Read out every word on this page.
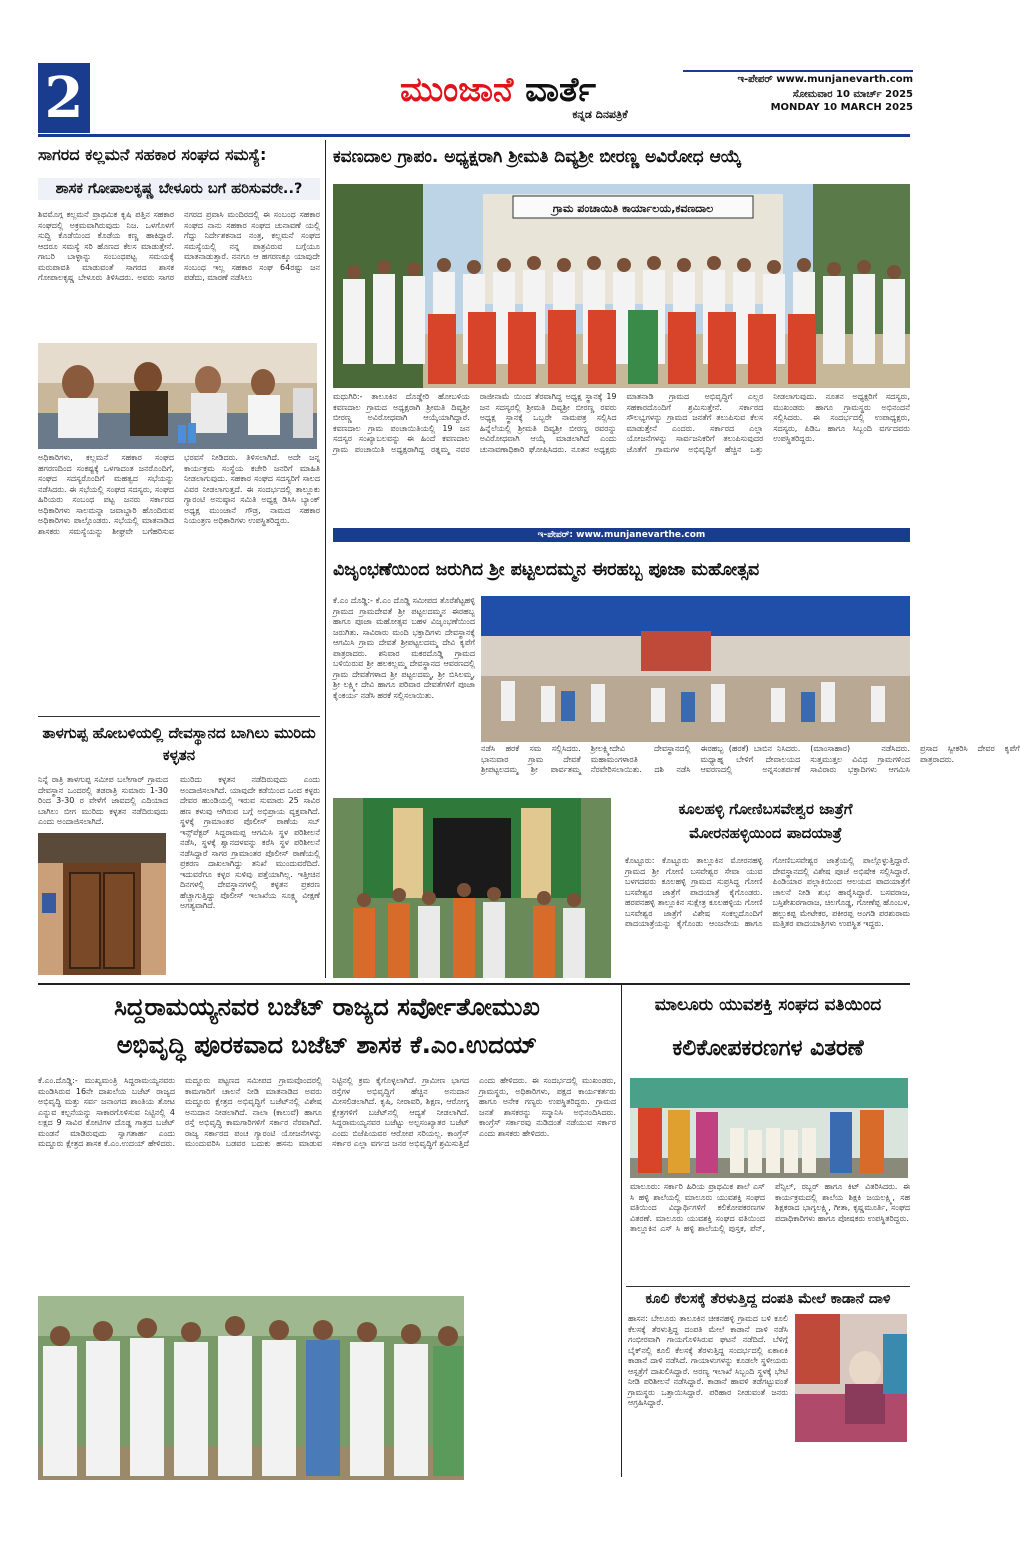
2	ಮುಂಜಾನೆ ವಾರ್ತೆ
ಕನ್ನಡ ದಿನಪತ್ರಿಕೆ
ಇ-ಪೇಪರ್ www.munjanevarth.com
ಸೋಮವಾರ 10 ಮಾರ್ಚ್ 2025
MONDAY 10 MARCH 2025
ಸಾಗರದ ಕಲ್ಲಮನೆ ಸಹಕಾರ ಸಂಘದ ಸಮಸ್ಯೆ:
ಶಾಸಕ ಗೋಪಾಲಕೃಷ್ಣ ಬೇಳೂರು ಬಗೆ ಹರಿಸುವರೇ..?
ಶಿವಮೊಗ್ಗ ಕಲ್ಲಮನೆ ಪ್ರಾಥಮಿಕ ಕೃಷಿ ಪತ್ತಿನ ಸಹಕಾರ ಸಂಘದಲ್ಲಿ ಅಕ್ರಮವಾಗಿರುವುದು ನಿಜ. ಒಳಗೊಳಗೆ ಸುದ್ದಿ ಕೊಡೆಯಿಂದ ಕೊಡೆಯ ಕಣ್ಣ ಹಾಕಿದ್ದಾರೆ. ಆದರೂ ಸಮಸ್ಯೆ ಸರಿ ಹೊಣದ ಕೆಲಸ ಮಾಡುತ್ತೇನೆ. ಗಾಬರಿ ಬಾಳ್ಳಾನ್ನು ಸಂಬಂಧಪಟ್ಟ ಸಮಯಕ್ಕೆ ಮರುಪಾವತಿ ಮಾಡುವಂತೆ ಸಾಗರದ ಶಾಸಕ ಗೋಪಾಲಕೃಷ್ಣ ಬೇಳೂರು ತಿಳಿಸಿದರು. ಅವರು ಸಾಗರ ನಗರದ ಪ್ರವಾಸಿ ಮಂದಿರದಲ್ಲಿ ಈ ಸಂಬಂಧ ಸಹಕಾರ ಸಂಘದ ನಾನು ಸಹಕಾರ ಸಂಘದ ಚುನಾವಣೆ ಯಲ್ಲಿ ಗೆದ್ದು ನಿರ್ದೇಶಕನಾದ ನಂತ್ರ, ಕಲ್ಲಮನೆ ಸಂಘದ ಸಮಸ್ಯೆಯಲ್ಲಿ ನನ್ನ ಪಾತ್ರವಿರುವ ಬಗ್ಗೆಯೂ ಮಾತನಾಡುತ್ತಾರೆ. ನನಗೂ ಆ ಹಗರಣಕ್ಕೂ ಯಾವುದೇ ಸಂಬಂಧ ಇಲ್ಲ ಸಹಕಾರ ಸಂಘ 64ರಷ್ಟು ಜನ ಪಡೆದು, ಮಾರಣೆ ನಡೆಸಿಲು
ಅಧಿಕಾರಿಗಳು, ಕಲ್ಲಮನೆ ಸಹಕಾರ ಸಂಘದ ಹಗರಣದಿಂದ ಸಂಕಷ್ಟಕ್ಕೆ ಒಳಗಾದಂತ ಜನರೊಂದಿಗೆ, ಸಂಘದ ಸದಸ್ಯರೊಂದಿಗೆ ಮಹತ್ವದ ಸಭೆಯನ್ನು ನಡೆಸಿದರು. ಈ ಸಭೆಯಲ್ಲಿ ಸಂಘದ ಸದಸ್ಯರು, ಸಂಘದ ಹಿರಿಯರು ಸಂಬಂಧ ಪಟ್ಟ ಜನರು ಸರ್ಕಾರದ ಅಧಿಕಾರಿಗಳು ಸಾಲಮನ್ನಾ ಜವಾಬ್ದಾರಿ ಹೊಂದಿರುವ ಅಧಿಕಾರಿಗಳು ಪಾಲ್ಗೊಂಡರು. ಸಭೆಯಲ್ಲಿ ಮಾತನಾಡಿದ ಶಾಸಕರು ಸಮಸ್ಯೆಯನ್ನು ಶೀಘ್ರವೇ ಬಗೆಹರಿಸುವ ಭರವಸೆ ನೀಡಿದರು. ತಿಳಿಸಲಾಗಿದೆ. ಅದೇ ಜನ್ನ ಕಾರ್ಯಕ್ರಮ ಸಂಸ್ಥೆಯ ಕಚೇರಿ ಜನರಿಗೆ ಮಾಹಿತಿ ನೀಡಲಾಗುವುದು. ಸಹಕಾರ ಸಂಘದ ಸದಸ್ಯರಿಗೆ ಸಾಲದ ವಿವರ ನೀಡಲಾಗುತ್ತದೆ. ಈ ಸಂದರ್ಭದಲ್ಲಿ ತಾಲ್ಲೂಕು ಗ್ಯಾರಂಟಿ ಅನುಷ್ಠಾನ ಸಮಿತಿ ಅಧ್ಯಕ್ಷ ಡಿಸಿಸಿ ಬ್ಯಾಂಕ್ ಅಧ್ಯಕ್ಷ ಮುಂಜಾನೆ ಗೌಡ್ರ, ನಾಮದ ಸಹಕಾರ ನಿಯಂತ್ರಣ ಅಧಿಕಾರಿಗಳು ಉಪಸ್ಥಿತರಿದ್ದರು.
ತಾಳಗುಪ್ಪ ಹೋಬಳಿಯಲ್ಲಿ ದೇವಸ್ಥಾನದ ಬಾಗಿಲು ಮುರಿದು ಕಳ್ಳತನ
ನಿನ್ನೆ ರಾತ್ರಿ ತಾಳಗುಪ್ಪ ಸಮೀಪ ಬಲೇಗಾರ್ ಗ್ರಾಮದ ದೇವಸ್ಥಾನ ಒಂದರಲ್ಲಿ ತಡರಾತ್ರಿ ಸುಮಾರು 1-30 ರಿಂದ 3-30 ರ ವೇಳೆಗೆ ಜಾವದಲ್ಲಿ ಎದಿಯಾದ ಬಾಗಿಲು ಬೀಗ ಮುರಿದು ಕಳ್ಳತನ ನಡೆದಿರುವುದು ಎಂದು ಅಂದಾಜಿಸಲಾಗಿದೆ.
ಮುರಿದು ಕಳ್ಳತನ ನಡೆದಿರುವುದು ಎಂದು ಅಂದಾಜಿಸಲಾಗಿದೆ. ಯಾವುದೇ ಕಡೆಯಿಂದ ಒಂದ ಕಳ್ಳರು ದೇವರ ಹುಂಡಿಯಲ್ಲಿ ಇರುವ ಸುಮಾರು 25 ಸಾವಿರ ಹಣ ಕಳುವು ಆಗಿರುವ ಬಗ್ಗೆ ಅಭಿಪ್ರಾಯ ವ್ಯಕ್ತವಾಗಿದೆ. ಸ್ಥಳಕ್ಕೆ ಗ್ರಾಮಾಂತರ ಪೊಲೀಸ್ ಠಾಣೆಯ ಸಬ್ ಇನ್ಸ್‌ಪೆಕ್ಟರ್ ಸಿದ್ದರಾಮಪ್ಪ ಆಗಮಿಸಿ ಸ್ಥಳ ಪರಿಶೀಲನೆ ನಡೆಸಿ, ಸ್ಥಳಕ್ಕೆ ಶ್ವಾನದಳವನ್ನು ಕರೆಸಿ ಸ್ಥಳ ಪರಿಶೀಲನೆ ನಡೆಸಿದ್ದಾರೆ ಸಾಗರ ಗ್ರಾಮಾಂತರ ಪೊಲೀಸ್ ಠಾಣೆಯಲ್ಲಿ ಪ್ರಕರಣ ದಾಖಲಾಗಿದ್ದು ತನಿಖೆ ಮುಂದುವರೆದಿದೆ. ಇದುವರೆಗೂ ಕಳ್ಳರ ಸುಳಿವು ಪತ್ತೆಯಾಗಿಲ್ಲ. ಇತ್ತೀಚಿನ ದಿನಗಳಲ್ಲಿ ದೇವಸ್ಥಾನಗಳಲ್ಲಿ ಕಳ್ಳತನ ಪ್ರಕರಣ ಹೆಚ್ಚಾಗುತ್ತಿದ್ದು ಪೊಲೀಸ್ ಇಲಾಖೆಯ ಸೂಕ್ಷ್ಮ ವೀಕ್ಷಣೆ ಅಗತ್ಯವಾಗಿದೆ.
ಕವಣದಾಲ ಗ್ರಾಪಂ. ಅಧ್ಯಕ್ಷರಾಗಿ ಶ್ರೀಮತಿ ದಿವ್ಯಶ್ರೀ ಬೀರಣ್ಣ ಅವಿರೋಧ ಆಯ್ಕೆ
ಗ್ರಾಮ ಪಂಚಾಯಿತಿ ಕಾರ್ಯಾಲಯ,ಕವಣದಾಲ
ಮಧುಗಿರಿ:- ತಾಲೂಕಿನ ದೊಡ್ಡೇರಿ ಹೋಬಳಿಯ ಕವಣದಾಲ ಗ್ರಾಮದ ಅಧ್ಯಕ್ಷರಾಗಿ ಶ್ರೀಮತಿ ದಿವ್ಯಶ್ರೀ ಬೀರಣ್ಣ ಅವಿರೋಧವಾಗಿ ಆಯ್ಕೆಯಾಗಿದ್ದಾರೆ. ಕವಣದಾಲ ಗ್ರಾಮ ಪಂಚಾಯಿತಿಯಲ್ಲಿ 19 ಜನ ಸದಸ್ಯರ ಸಂಖ್ಯಾಬಲವನ್ನು ಈ ಹಿಂದೆ ಕವಣದಾಲ ಗ್ರಾಮ ಪಂಚಾಯಿತಿ ಅಧ್ಯಕ್ಷರಾಗಿದ್ದ ರತ್ನಮ್ಮ ನವರ ರಾಜೀನಾಮೆ ಯಿಂದ ತೆರವಾಗಿದ್ದ ಅಧ್ಯಕ್ಷ ಸ್ಥಾನಕ್ಕೆ 19 ಜನ ಸದಸ್ಯರಲ್ಲಿ ಶ್ರೀಮತಿ ದಿವ್ಯಶ್ರೀ ಬೀರಣ್ಣ ರವರು ಅಧ್ಯಕ್ಷ ಸ್ಥಾನಕ್ಕೆ ಒಬ್ಬರೇ ನಾಮಪತ್ರ ಸಲ್ಲಿಸಿದ ಹಿನ್ನೆಲೆಯಲ್ಲಿ ಶ್ರೀಮತಿ ದಿವ್ಯಶ್ರೀ ಬೀರಣ್ಣ ರವರನ್ನು ಅವಿರೋಧವಾಗಿ ಆಯ್ಕೆ ಮಾಡಲಾಗಿದೆ ಎಂದು ಚುನಾವಣಾಧಿಕಾರಿ ಘೋಷಿಸಿದರು. ನೂತನ ಅಧ್ಯಕ್ಷರು ಮಾತನಾಡಿ ಗ್ರಾಮದ ಅಭಿವೃದ್ಧಿಗೆ ಎಲ್ಲರ ಸಹಕಾರದೊಂದಿಗೆ ಶ್ರಮಿಸುತ್ತೇನೆ. ಸರ್ಕಾರದ ಸೌಲಭ್ಯಗಳನ್ನು ಗ್ರಾಮದ ಜನತೆಗೆ ತಲುಪಿಸುವ ಕೆಲಸ ಮಾಡುತ್ತೇನೆ ಎಂದರು. ಸರ್ಕಾರದ ಎಲ್ಲಾ ಯೋಜನೆಗಳನ್ನು ಸಾರ್ವಜನಿಕರಿಗೆ ತಲುಪಿಸುವುದರ ಜೊತೆಗೆ ಗ್ರಾಮಗಳ ಅಭಿವೃದ್ಧಿಗೆ ಹೆಚ್ಚಿನ ಒತ್ತು ನೀಡಲಾಗುವುದು. ನೂತನ ಅಧ್ಯಕ್ಷರಿಗೆ ಸದಸ್ಯರು, ಮುಖಂಡರು ಹಾಗೂ ಗ್ರಾಮಸ್ಥರು ಅಭಿನಂದನೆ ಸಲ್ಲಿಸಿದರು. ಈ ಸಂದರ್ಭದಲ್ಲಿ ಉಪಾಧ್ಯಕ್ಷರು, ಸದಸ್ಯರು, ಪಿಡಿಒ ಹಾಗೂ ಸಿಬ್ಬಂದಿ ವರ್ಗದವರು ಉಪಸ್ಥಿತರಿದ್ದರು.
ಇ-ಪೇಪರ್: www.munjanevarthe.com
ವಿಜೃಂಭಣೆಯಿಂದ ಜರುಗಿದ ಶ್ರೀ ಪಟ್ಟಲದಮ್ಮನ ಈರಹಬ್ಬ ಪೂಜಾ ಮಹೋತ್ಸವ
ಕೆ.ಎಂ ದೊಡ್ಡಿ:- ಕೆ.ಎಂ ದೊಡ್ಡಿ ಸಮೀಪದ ತೊರೆಶೆಟ್ಟಹಳ್ಳಿ ಗ್ರಾಮದ ಗ್ರಾಮದೇವತೆ ಶ್ರೀ ಪಟ್ಟಲದಮ್ಮನ ಈರಹಬ್ಬ ಹಾಗೂ ಪೂಜಾ ಮಹೋತ್ಸವ ಬಹಳ ವಿಜೃಂಭಣೆಯಿಂದ ಜರುಗಿತು. ಸಾವಿರಾರು ಮಂದಿ ಭಕ್ತಾದಿಗಳು ದೇವಸ್ಥಾನಕ್ಕೆ ಆಗಮಿಸಿ ಗ್ರಾಮ ದೇವತೆ ಶ್ರೀಪಟ್ಟಲದಮ್ಮ ದೇವಿ ಕೃಪೆಗೆ ಪಾತ್ರರಾದರು. ಶನಿವಾರ ಮಕರದೊಡ್ಡಿ ಗ್ರಾಮದ ಬಳಿಯಿರುವ ಶ್ರೀ ಹಲಕಲ್ಲಮ್ಮ ದೇವಸ್ಥಾನದ ಆವರಣದಲ್ಲಿ ಗ್ರಾಮ ದೇವತೆಗಳಾದ ಶ್ರೀ ಪಟ್ಟಲದಮ್ಮ, ಶ್ರೀ ಬಿಸಿಲಮ್ಮ, ಶ್ರೀ ಲಕ್ಷ್ಮೀ ದೇವಿ ಹಾಗೂ ಪರಿವಾರ ದೇವತೆಗಳಿಗೆ ಪೂಜಾ ಕೈಂಕರ್ಯ ನಡೆಸಿ ಹರಕೆ ಸಲ್ಲಿಸಲಾಯಿತು.
ನಡೆಸಿ ಹರಕೆ ಸಮ ಸಲ್ಲಿಸಿದರು. ಭಾನುವಾರ ಗ್ರಾಮ ದೇವತೆ ಶ್ರೀಪಟ್ಟಲದಮ್ಮ ಶ್ರೀ ಪಾರ್ವತಮ್ಮ ಶ್ರೀಲಕ್ಷ್ಮೀದೇವಿ ದೇವಸ್ಥಾನದಲ್ಲಿ ಮಹಾಮಂಗಳಾರತಿ ನೆರವೇರಿಸಲಾಯಿತು. ದಶಿ ನಡೆಸಿ ಈರಹಬ್ಬ (ಹರಕೆ) ಬಾಬಿನ ನಿಸಿದರು. ಮಧ್ಯಾಹ್ನ ಬೇಳಿಗೆ ದೇವಾಲಯದ ಆವರಣದಲ್ಲಿ ಅನ್ನಸಂತರ್ಪಣೆ (ಮಾಂಸಾಹಾರ) ನಡೆಸಿದರು. ಸುತ್ತಮುತ್ತಲ ವಿವಿಧ ಗ್ರಾಮಗಳಿಂದ ಸಾವಿರಾರು ಭಕ್ತಾದಿಗಳು ಆಗಮಿಸಿ ಪ್ರಸಾದ ಸ್ವೀಕರಿಸಿ ದೇವರ ಕೃಪೆಗೆ ಪಾತ್ರರಾದರು.
ಕೂಲಹಳ್ಳಿ ಗೋಣಿಬಸವೇಶ್ವರ ಜಾತ್ರೆಗೆ
ಮೋರನಹಳ್ಳಿಯಿಂದ ಪಾದಯಾತ್ರೆ
ಕೊಟ್ಟೂರು: ಕೊಟ್ಟೂರು ತಾಲ್ಲೂಕಿನ ಮೋರನಹಳ್ಳಿ ಗ್ರಾಮದ ಶ್ರೀ ಗೋಣಿ ಬಸವೇಶ್ವರ ಸೇವಾ ಯುವ ಬಳಗದವರು ಕೂಲಹಳ್ಳಿ ಗ್ರಾಮದ ಸುಪ್ರಸಿದ್ಧ ಗೋಣಿ ಬಸವೇಶ್ವರ ಜಾತ್ರೆಗೆ ಪಾದಯಾತ್ರೆ ಕೈಗೊಂಡರು. ಹರಪನಹಳ್ಳಿ ತಾಲ್ಲೂಕಿನ ಸುಕ್ಷೇತ್ರ ಕೂಲಹಳ್ಳಿಯ ಗೋಣಿ ಬಸವೇಶ್ವರ ಜಾತ್ರೆಗೆ ವಿಶೇಷ ಸಂಕಲ್ಪದೊಂದಿಗೆ ಪಾದಯಾತ್ರೆಯನ್ನು ಕೈಗೊಂಡು ಆಂಜನೇಯ ಹಾಗೂ ಗೋಣಿಬಸವೇಶ್ವರ ಜಾತ್ರೆಯಲ್ಲಿ ಪಾಲ್ಗೊಳ್ಳುತ್ತಿದ್ದಾರೆ. ದೇವಸ್ಥಾನದಲ್ಲಿ ವಿಶೇಷ ಪೂಜೆ ಅಭಿಷೇಕ ಸಲ್ಲಿಸಿದ್ದಾರೆ. ಪಿಂಡಿಯಾರ ಪಲ್ಲಾಕಿಯಿಂದ ಆಲಯದ ಪಾದಯಾತ್ರೆಗೆ ಚಾಲನೆ ನೀಡಿ ಶುಭ ಹಾರೈಸಿದ್ದಾರೆ. ಬಸವರಾಜ, ಬಸ್ತಿಶೇಖರಗಾರಾಜ, ಚಿಲಗೊಡ್ಡ, ಗೋಣೆಪ್ಪ ಹೊಂಬಳ, ಹಲ್ಲುಕಪ್ಪ ಮೇಟೇಕರ, ಪಕೀರಪ್ಪ ಅಂಗಡಿ ಪರಶುರಾಮ ಮತ್ತಿತರ ಪಾದಯಾತ್ರಿಗಳು ಉಪಸ್ಥಿತ ಇದ್ದರು.
ಸಿದ್ದರಾಮಯ್ಯನವರ ಬಜೆಟ್ ರಾಜ್ಯದ ಸರ್ವೋತೋಮುಖ
ಅಭಿವೃದ್ಧಿ ಪೂರಕವಾದ ಬಜೆಟ್ ಶಾಸಕ ಕೆ.ಎಂ.ಉದಯ್
ಕೆ.ಎಂ.ದೊಡ್ಡಿ:- ಮುಖ್ಯಮಂತ್ರಿ ಸಿದ್ದರಾಮಯ್ಯನವರು ಮಂಡಿಸಿರುವ 16ನೇ ದಾಖಲೆಯ ಬಜೆಟ್ ರಾಜ್ಯದ ಅಭಿವೃದ್ಧಿ ಮತ್ತು ಸರ್ವ ಜನಾಂಗದ ಶಾಂತಿಯ ತೋಟ ಎನ್ನುವ ಕಲ್ಪನೆಯನ್ನು ಸಾಕಾರಗೊಳಿಸುವ ನಿಟ್ಟಿನಲ್ಲಿ 4 ಲಕ್ಷದ 9 ಸಾವಿರ ಕೋಟಿಗಳ ದೊಡ್ಡ ಗಾತ್ರದ ಬಜೆಟ್ ಮಂಡನೆ ಮಾಡಿರುವುದು ಸ್ವಾಗತಾರ್ಹ ಎಂದು ಮದ್ದೂರು ಕ್ಷೇತ್ರದ ಶಾಸಕ ಕೆ.ಎಂ.ಉದಯ್ ಹೇಳಿದರು. ಮದ್ದೂರು ಪಟ್ಟಣದ ಸಮೀಪದ ಗ್ರಾಮವೊಂದರಲ್ಲಿ ಕಾಮಗಾರಿಗೆ ಚಾಲನೆ ನೀಡಿ ಮಾತನಾಡಿದ ಅವರು ಮದ್ದೂರು ಕ್ಷೇತ್ರದ ಅಭಿವೃದ್ಧಿಗೆ ಬಜೆಟ್‌ನಲ್ಲಿ ವಿಶೇಷ ಅನುದಾನ ನೀಡಲಾಗಿದೆ. ನಾಲಾ (ಕಾಲುವೆ) ಹಾಗೂ ರಸ್ತೆ ಅಭಿವೃದ್ಧಿ ಕಾಮಗಾರಿಗಳಿಗೆ ಸರ್ಕಾರ ನೆರವಾಗಿದೆ. ರಾಜ್ಯ ಸರ್ಕಾರದ ಪಂಚ ಗ್ಯಾರಂಟಿ ಯೋಜನೆಗಳನ್ನು ಮುಂದುವರಿಸಿ ಬಡವರ ಬದುಕು ಹಸನು ಮಾಡುವ ನಿಟ್ಟಿನಲ್ಲಿ ಕ್ರಮ ಕೈಗೊಳ್ಳಲಾಗಿದೆ. ಗ್ರಾಮೀಣ ಭಾಗದ ರಸ್ತೆಗಳ ಅಭಿವೃದ್ಧಿಗೆ ಹೆಚ್ಚಿನ ಅನುದಾನ ಮೀಸಲಿಡಲಾಗಿದೆ. ಕೃಷಿ, ನೀರಾವರಿ, ಶಿಕ್ಷಣ, ಆರೋಗ್ಯ ಕ್ಷೇತ್ರಗಳಿಗೆ ಬಜೆಟ್‌ನಲ್ಲಿ ಆದ್ಯತೆ ನೀಡಲಾಗಿದೆ. ಸಿದ್ದರಾಮಯ್ಯನವರ ಬಜೆಟ್ಟು ಅಲ್ಪಸಂಖ್ಯಾತರ ಬಜೆಟ್ ಎಂದು ಬಿಜೆಪಿಯವರ ಆರೋಪ ಸರಿಯಲ್ಲ. ಕಾಂಗ್ರೆಸ್ ಸರ್ಕಾರ ಎಲ್ಲಾ ವರ್ಗದ ಜನರ ಅಭಿವೃದ್ಧಿಗೆ ಶ್ರಮಿಸುತ್ತಿದೆ ಎಂದು ಹೇಳಿದರು. ಈ ಸಂದರ್ಭದಲ್ಲಿ ಮುಖಂಡರು, ಗ್ರಾಮಸ್ಥರು, ಅಧಿಕಾರಿಗಳು, ಪಕ್ಷದ ಕಾರ್ಯಕರ್ತರು ಹಾಗೂ ಅನೇಕ ಗಣ್ಯರು ಉಪಸ್ಥಿತರಿದ್ದರು. ಗ್ರಾಮದ ಜನತೆ ಶಾಸಕರನ್ನು ಸನ್ಮಾನಿಸಿ ಅಭಿನಂದಿಸಿದರು. ಕಾಂಗ್ರೆಸ್ ಸರ್ಕಾರವು ನುಡಿದಂತೆ ನಡೆಯುವ ಸರ್ಕಾರ ಎಂದು ಶಾಸಕರು ಹೇಳಿದರು.
ಮಾಲೂರು ಯುವಶಕ್ತಿ ಸಂಘದ ವತಿಯಿಂದ
ಕಲಿಕೋಪಕರಣಗಳ ವಿತರಣೆ
ಮಾಲೂರು: ಸರ್ಕಾರಿ ಹಿರಿಯ ಪ್ರಾಥಮಿಕ ಶಾಲೆ ಎಸ್ ಸಿ ಹಳ್ಳಿ ಶಾಲೆಯಲ್ಲಿ ಮಾಲೂರು ಯುವಶಕ್ತಿ ಸಂಘದ ವತಿಯಿಂದ ವಿದ್ಯಾರ್ಥಿಗಳಿಗೆ ಕಲಿಕೋಪಕರಣಗಳ ವಿತರಣೆ. ಮಾಲೂರು ಯುವಶಕ್ತಿ ಸಂಘದ ವತಿಯಿಂದ ತಾಲ್ಲೂಕಿನ ಎಸ್ ಸಿ ಹಳ್ಳಿ ಶಾಲೆಯಲ್ಲಿ ಪುಸ್ತಕ, ಪೆನ್, ಪೆನ್ಸಿಲ್, ರಬ್ಬರ್ ಹಾಗೂ ಕಿಟ್ ವಿತರಿಸಿದರು. ಈ ಕಾರ್ಯಕ್ರಮದಲ್ಲಿ ಶಾಲೆಯ ಶಿಕ್ಷಕಿ ಜಯಲಕ್ಷ್ಮಿ, ಸಹ ಶಿಕ್ಷಕರಾದ ಭಾಗ್ಯಲಕ್ಷ್ಮಿ, ಗೀತಾ, ಕೃಷ್ಣಮೂರ್ತಿ, ಸಂಘದ ಪದಾಧಿಕಾರಿಗಳು ಹಾಗೂ ಪೋಷಕರು ಉಪಸ್ಥಿತರಿದ್ದರು.
ಕೂಲಿ ಕೆಲಸಕ್ಕೆ ತೆರಳುತ್ತಿದ್ದ ದಂಪತಿ ಮೇಲೆ ಕಾಡಾನೆ ದಾಳಿ
ಹಾಸನ: ಬೇಲೂರು ತಾಲೂಕಿನ ಚೀಕನಹಳ್ಳಿ ಗ್ರಾಮದ ಬಳಿ ಕೂಲಿ ಕೆಲಸಕ್ಕೆ ತೆರಳುತ್ತಿದ್ದ ದಂಪತಿ ಮೇಲೆ ಕಾಡಾನೆ ದಾಳಿ ನಡೆಸಿ ಗಂಭೀರವಾಗಿ ಗಾಯಗೊಳಿಸಿರುವ ಘಟನೆ ನಡೆದಿದೆ. ಬೆಳಿಗ್ಗೆ ಬೈಕ್‌ನಲ್ಲಿ ಕೂಲಿ ಕೆಲಸಕ್ಕೆ ತೆರಳುತ್ತಿದ್ದ ಸಂದರ್ಭದಲ್ಲಿ ಏಕಾಏಕಿ ಕಾಡಾನೆ ದಾಳಿ ನಡೆಸಿದೆ. ಗಾಯಾಳುಗಳನ್ನು ಕೂಡಲೇ ಸ್ಥಳೀಯರು ಆಸ್ಪತ್ರೆಗೆ ದಾಖಲಿಸಿದ್ದಾರೆ. ಅರಣ್ಯ ಇಲಾಖೆ ಸಿಬ್ಬಂದಿ ಸ್ಥಳಕ್ಕೆ ಭೇಟಿ ನೀಡಿ ಪರಿಶೀಲನೆ ನಡೆಸಿದ್ದಾರೆ. ಕಾಡಾನೆ ಹಾವಳಿ ತಡೆಗಟ್ಟುವಂತೆ ಗ್ರಾಮಸ್ಥರು ಒತ್ತಾಯಿಸಿದ್ದಾರೆ. ಪರಿಹಾರ ನೀಡುವಂತೆ ಜನರು ಆಗ್ರಹಿಸಿದ್ದಾರೆ.
